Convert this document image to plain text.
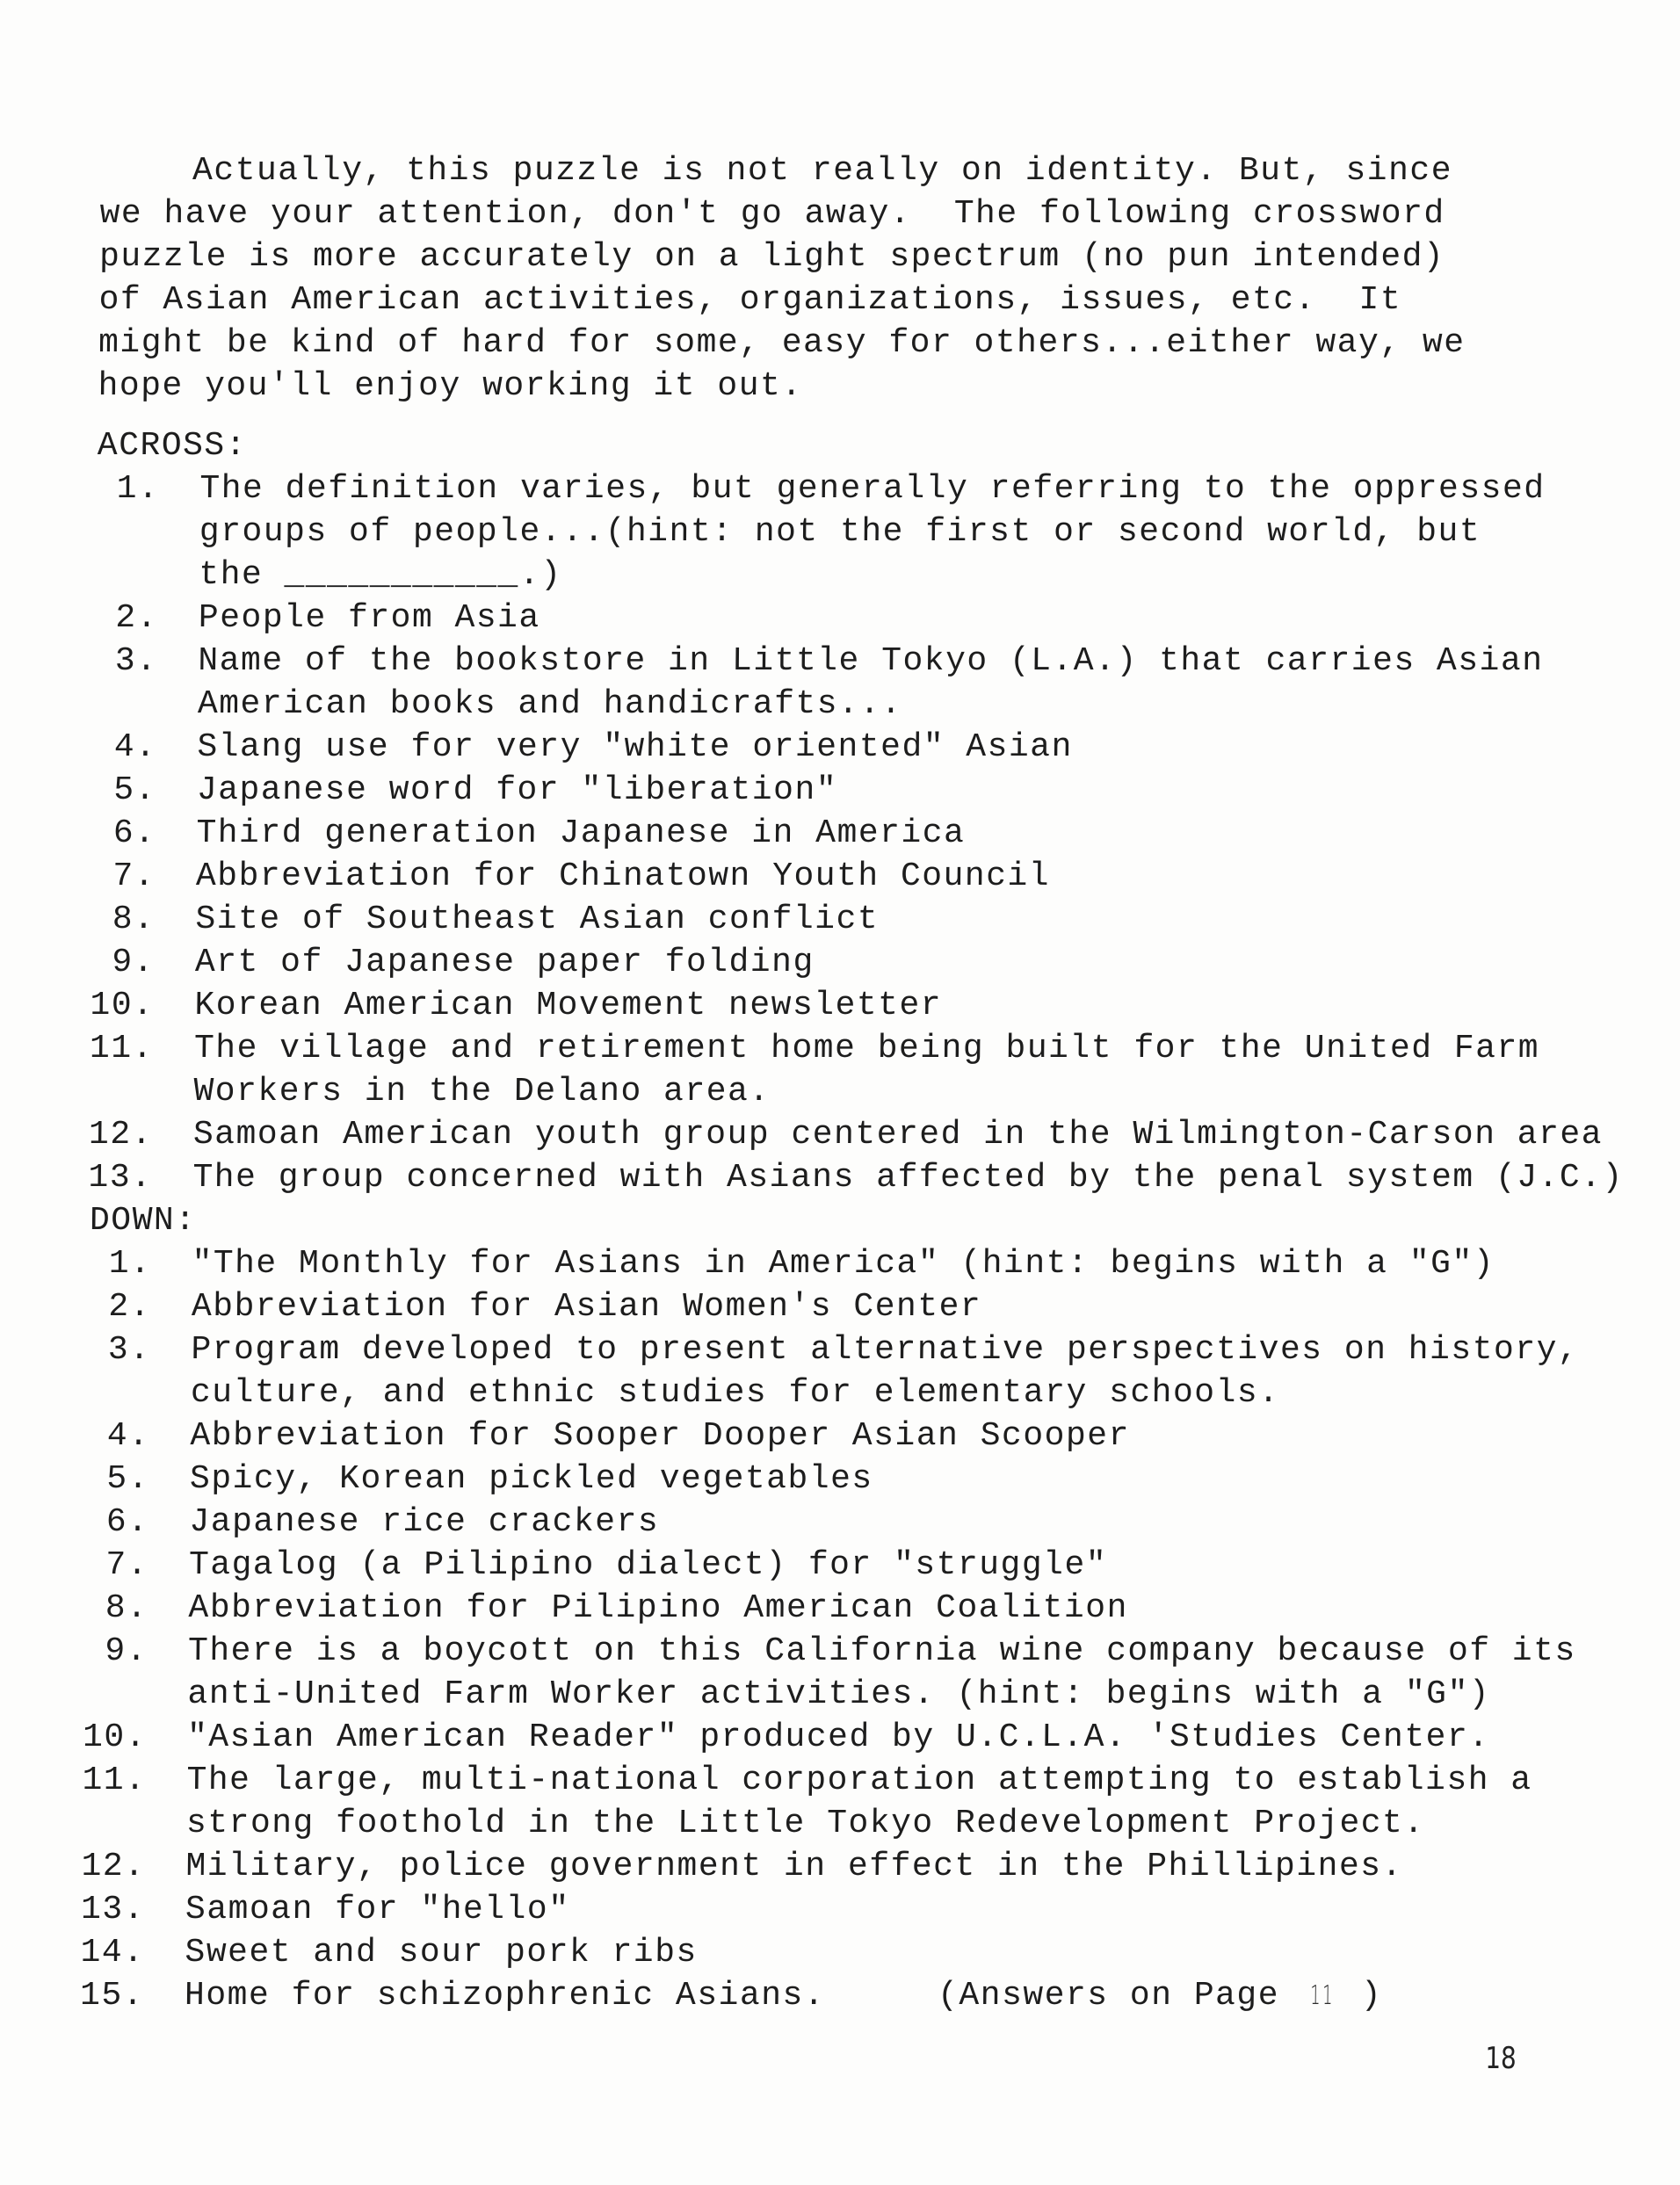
Actually, this puzzle is not really on identity. But, since
we have your attention, don't go away.  The following crossword
puzzle is more accurately on a light spectrum (no pun intended)
of Asian American activities, organizations, issues, etc.  It
might be kind of hard for some, easy for others...either way, we
hope you'll enjoy working it out.
ACROSS:
1. The definition varies, but generally referring to the oppressed
groups of people...(hint: not the first or second world, but
the ___________.)
2. People from Asia
3. Name of the bookstore in Little Tokyo (L.A.) that carries Asian
American books and handicrafts...
4. Slang use for very "white oriented" Asian
5. Japanese word for "liberation"
6. Third generation Japanese in America
7. Abbreviation for Chinatown Youth Council
8. Site of Southeast Asian conflict
9. Art of Japanese paper folding
10. Korean American Movement newsletter
11. The village and retirement home being built for the United Farm
Workers in the Delano area.
12. Samoan American youth group centered in the Wilmington-Carson area
13. The group concerned with Asians affected by the penal system (J.C.)
DOWN:
1. "The Monthly for Asians in America" (hint: begins with a "G")
2. Abbreviation for Asian Women's Center
3. Program developed to present alternative perspectives on history,
culture, and ethnic studies for elementary schools.
4. Abbreviation for Sooper Dooper Asian Scooper
5. Spicy, Korean pickled vegetables
6. Japanese rice crackers
7. Tagalog (a Pilipino dialect) for "struggle"
8. Abbreviation for Pilipino American Coalition
9. There is a boycott on this California wine company because of its
anti-United Farm Worker activities. (hint: begins with a "G")
10. "Asian American Reader" produced by U.C.L.A. 'Studies Center.
11. The large, multi-national corporation attempting to establish a
strong foothold in the Little Tokyo Redevelopment Project.
12. Military, police government in effect in the Phillipines.
13. Samoan for "hello"
14. Sweet and sour pork ribs
15. Home for schizophrenic Asians.	(Answers on Page 11 )
18
